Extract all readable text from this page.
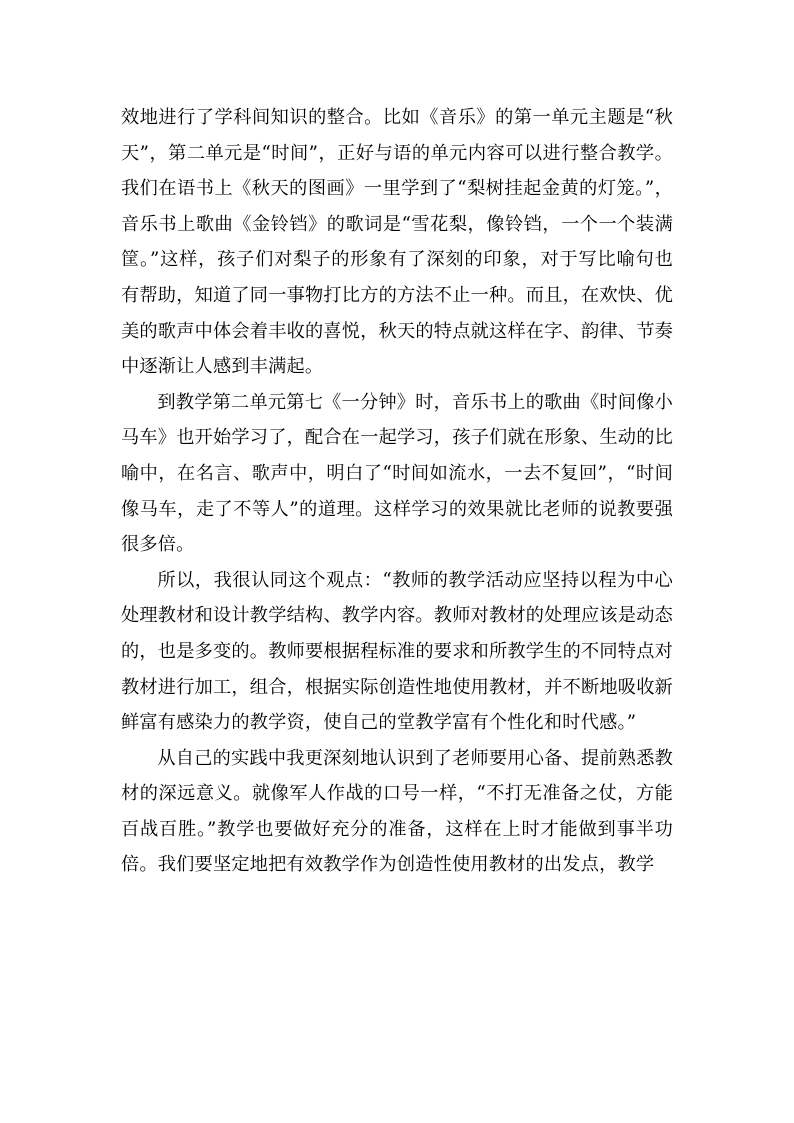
效地进行了学科间知识的整合。比如《音乐》的第一单元主题是“秋天”，第二单元是“时间”，正好与语的单元内容可以进行整合教学。我们在语书上《秋天的图画》一里学到了“梨树挂起金黄的灯笼。”，音乐书上歌曲《金铃铛》的歌词是“雪花梨，像铃铛，一个一个装满筐。”这样，孩子们对梨子的形象有了深刻的印象，对于写比喻句也有帮助，知道了同一事物打比方的方法不止一种。而且，在欢快、优美的歌声中体会着丰收的喜悦，秋天的特点就这样在字、韵律、节奏中逐渐让人感到丰满起。

到教学第二单元第七《一分钟》时，音乐书上的歌曲《时间像小马车》也开始学习了，配合在一起学习，孩子们就在形象、生动的比喻中，在名言、歌声中，明白了“时间如流水，一去不复回”，“时间像马车，走了不等人”的道理。这样学习的效果就比老师的说教要强很多倍。

所以，我很认同这个观点：“教师的教学活动应坚持以程为中心处理教材和设计教学结构、教学内容。教师对教材的处理应该是动态的，也是多变的。教师要根据程标准的要求和所教学生的不同特点对教材进行加工，组合，根据实际创造性地使用教材，并不断地吸收新鲜富有感染力的教学资，使自己的堂教学富有个性化和时代感。”

从自己的实践中我更深刻地认识到了老师要用心备、提前熟悉教材的深远意义。就像军人作战的口号一样，“不打无准备之仗，方能百战百胜。”教学也要做好充分的准备，这样在上时才能做到事半功倍。我们要坚定地把有效教学作为创造性使用教材的出发点，教学
